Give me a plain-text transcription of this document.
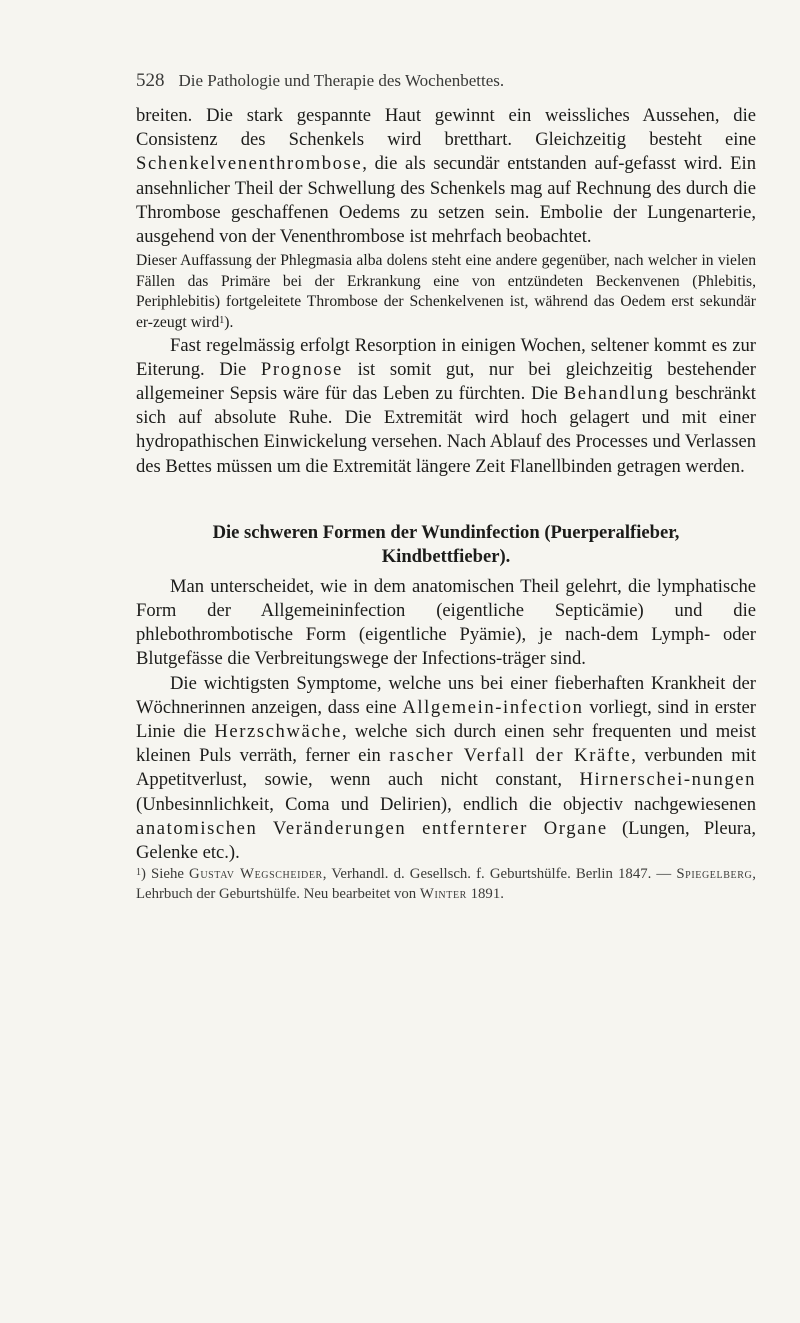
528 Die Pathologie und Therapie des Wochenbettes.

breiten. Die stark gespannte Haut gewinnt ein weissliches Aussehen, die Consistenz des Schenkels wird bretthart. Gleichzeitig besteht eine Schenkelvenenthrombose, die als secundär entstanden auf-gefasst wird. Ein ansehnlicher Theil der Schwellung des Schenkels mag auf Rechnung des durch die Thrombose geschaffenen Oedems zu setzen sein. Embolie der Lungenarterie, ausgehend von der Venenthrombose ist mehrfach beobachtet.

Dieser Auffassung der Phlegmasia alba dolens steht eine andere gegenüber, nach welcher in vielen Fällen das Primäre bei der Erkrankung eine von entzündeten Beckenvenen (Phlebitis, Periphlebitis) fortgeleitete Thrombose der Schenkelvenen ist, während das Oedem erst sekundär er-zeugt wird$^1$).

Fast regelmässig erfolgt Resorption in einigen Wochen, seltener kommt es zur Eiterung. Die Prognose ist somit gut, nur bei gleichzeitig bestehender allgemeiner Sepsis wäre für das Leben zu fürchten. Die Behandlung beschränkt sich auf absolute Ruhe. Die Extremität wird hoch gelagert und mit einer hydropathischen Einwickelung versehen. Nach Ablauf des Processes und Verlassen des Bettes müssen um die Extremität längere Zeit Flanellbinden getragen werden.

Die schweren Formen der Wundinfection (Puerperalfieber,
Kindbettfieber).

Man unterscheidet, wie in dem anatomischen Theil gelehrt, die lymphatische Form der Allgemeininfection (eigentliche Septicämie) und die phlebothrombotische Form (eigentliche Pyämie), je nach-dem Lymph- oder Blutgefässe die Verbreitungswege der Infections-träger sind.

Die wichtigsten Symptome, welche uns bei einer fieberhaften Krankheit der Wöchnerinnen anzeigen, dass eine Allgemein-infection vorliegt, sind in erster Linie die Herzschwäche, welche sich durch einen sehr frequenten und meist kleinen Puls verräth, ferner ein rascher Verfall der Kräfte, verbunden mit Appetitverlust, sowie, wenn auch nicht constant, Hirnerschei-nungen (Unbesinnlichkeit, Coma und Delirien), endlich die objectiv nachgewiesenen anatomischen Veränderungen entfernterer Organe (Lungen, Pleura, Gelenke etc.).

$^1$) Siehe Gustav Wegscheider, Verhandl. d. Gesellsch. f. Geburtshülfe. Berlin 1847. — Spiegelberg, Lehrbuch der Geburtshülfe. Neu bearbeitet von Winter 1891.
